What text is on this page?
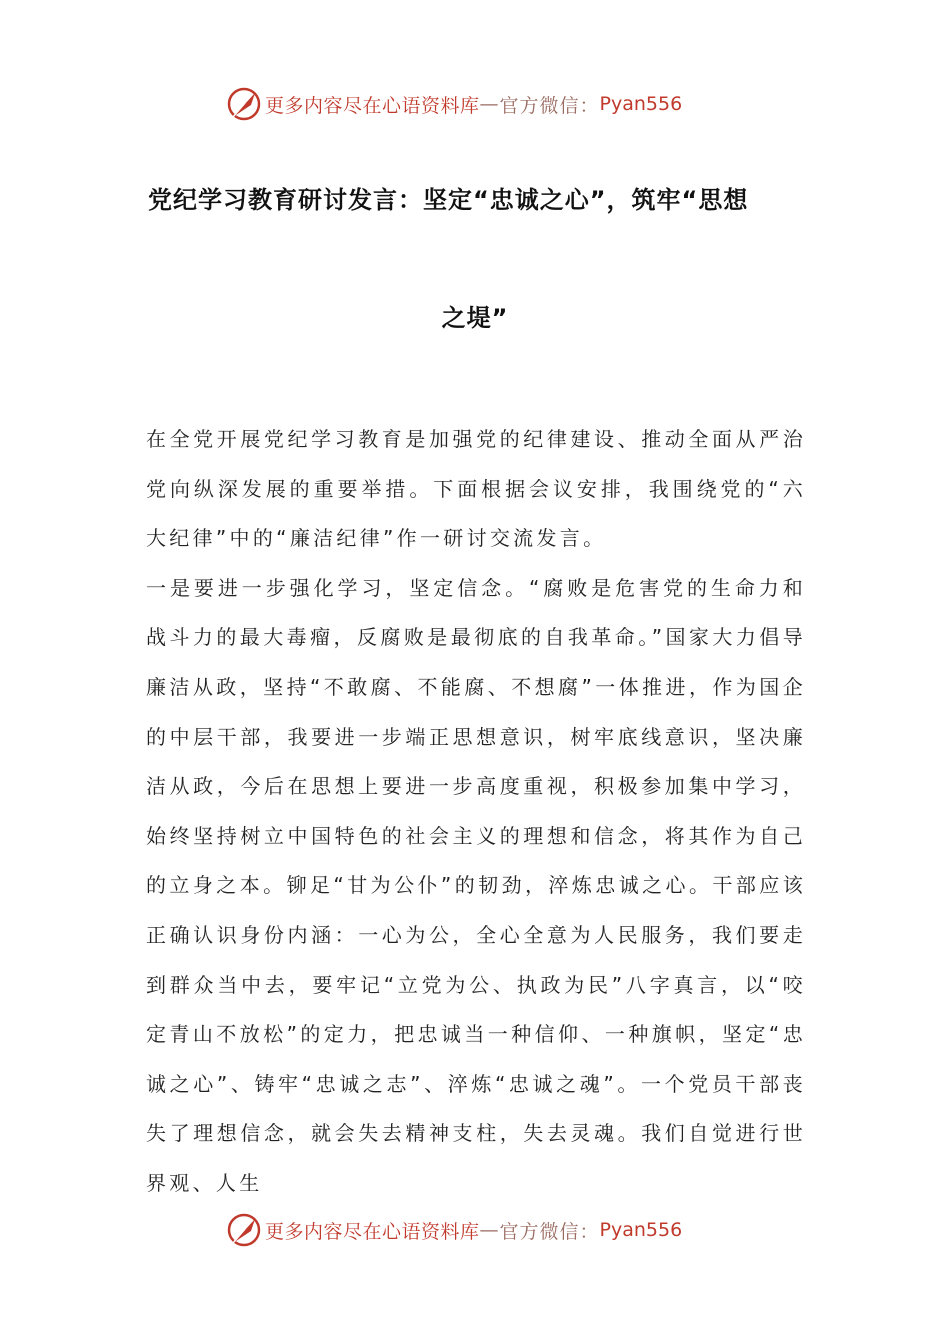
更多内容尽在心语资料库 — 官方微信： Pyan556
党纪学习教育研讨发言：坚定“忠诚之心”，筑牢“思想
之堤”

在全党开展党纪学习教育是加强党的纪律建设、推动全面从严治党向纵深发展的重要举措。下面根据会议安排，我围绕党的“六大纪律”中的“廉洁纪律”作一研讨交流发言。

一是要进一步强化学习，坚定信念。“腐败是危害党的生命力和战斗力的最大毒瘤，反腐败是最彻底的自我革命。”国家大力倡导廉洁从政，坚持“不敢腐、不能腐、不想腐”一体推进，作为国企的中层干部，我要进一步端正思想意识，树牢底线意识，坚决廉洁从政，今后在思想上要进一步高度重视，积极参加集中学习，始终坚持树立中国特色的社会主义的理想和信念，将其作为自己的立身之本。铆足“甘为公仆”的韧劲，淬炼忠诚之心。干部应该正确认识身份内涵：一心为公，全心全意为人民服务，我们要走到群众当中去，要牢记“立党为公、执政为民”八字真言，以“咬定青山不放松”的定力，把忠诚当一种信仰、一种旗帜，坚定“忠诚之心”、铸牢“忠诚之志”、淬炼“忠诚之魂”。一个党员干部丧失了理想信念，就会失去精神支柱，失去灵魂。我们自觉进行世界观、人生

更多内容尽在心语资料库 — 官方微信： Pyan556
